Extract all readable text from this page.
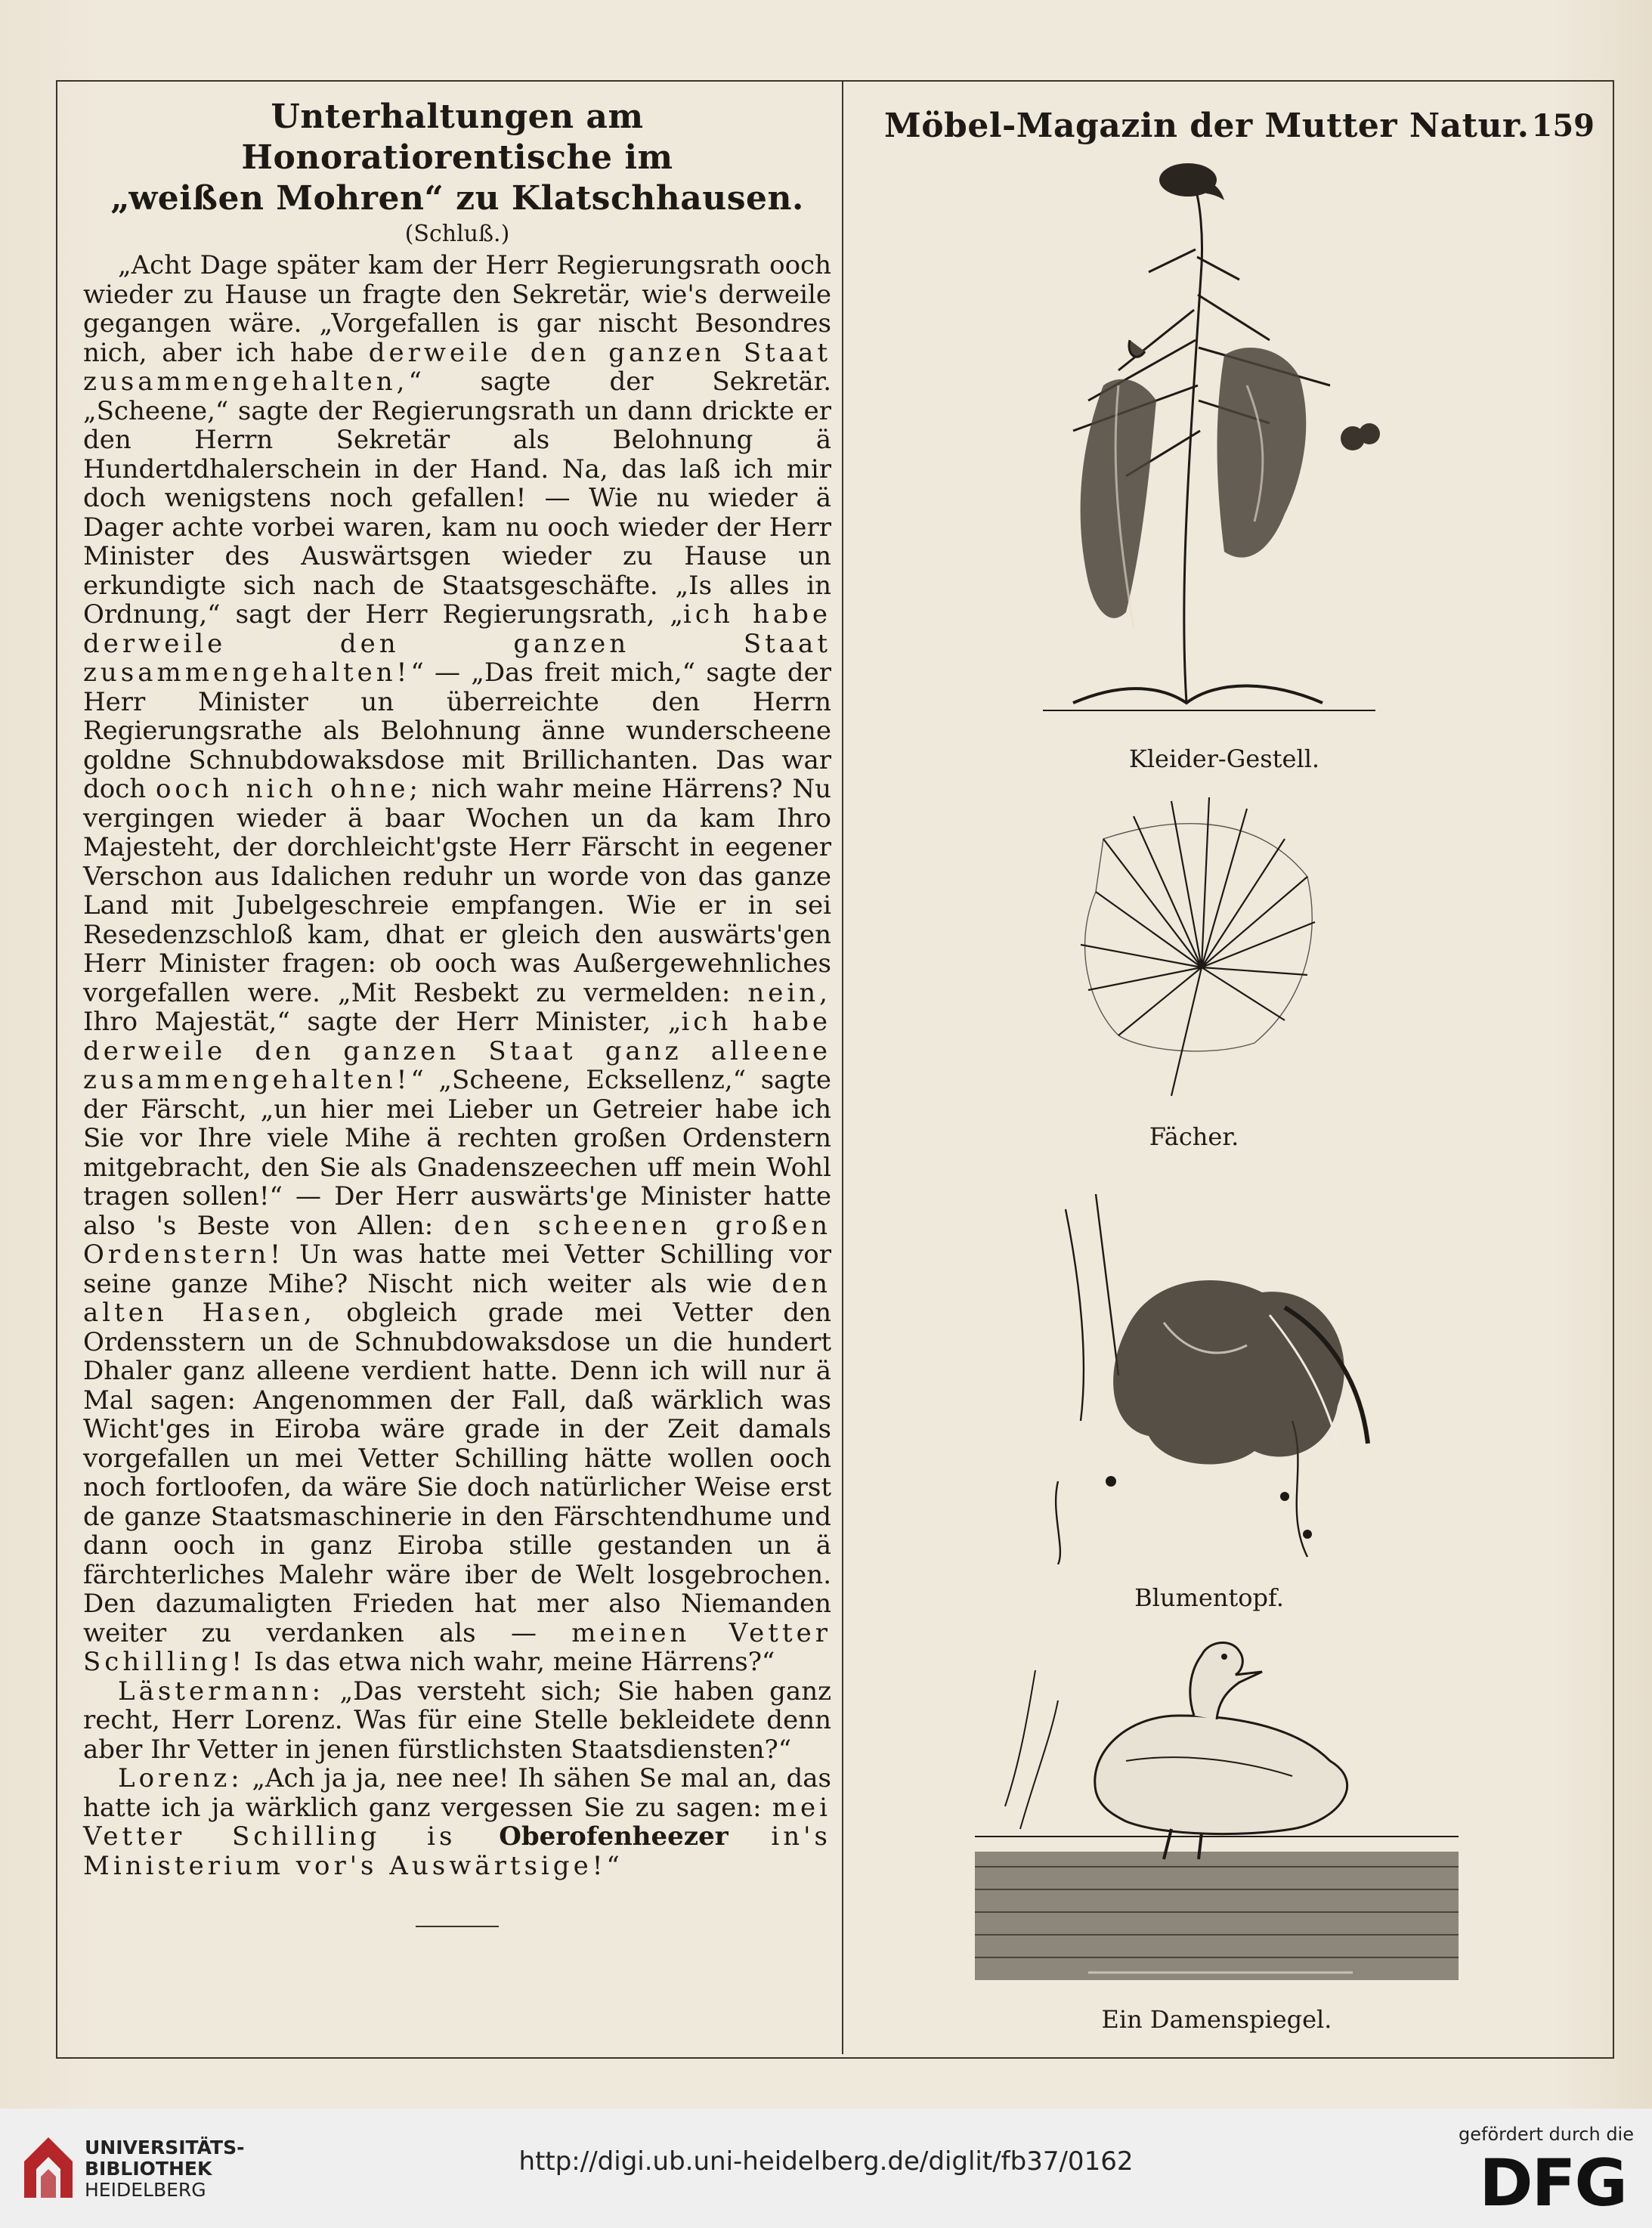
Unterhaltungen am Honoratiorentische im
„weißen Mohren“ zu Klatschhausen.
(Schluß.)

„Acht Dage später kam der Herr Regierungsrath ooch wieder zu Hause un fragte den Sekretär, wie's derweile gegangen wäre. „Vorgefallen is gar nischt Besondres nich, aber ich habe derweile den ganzen Staat zusammengehalten,“ sagte der Sekretär. „Scheene,“ sagte der Regierungsrath un dann drickte er den Herrn Sekretär als Belohnung ä Hundertdhalerschein in der Hand. Na, das laß ich mir doch wenigstens noch gefallen! — Wie nu wieder ä Dager achte vorbei waren, kam nu ooch wieder der Herr Minister des Auswärtsgen wieder zu Hause un erkundigte sich nach de Staatsgeschäfte. „Is alles in Ordnung,“ sagt der Herr Regierungsrath, „ich habe derweile den ganzen Staat zusammengehalten!“ — „Das freit mich,“ sagte der Herr Minister un überreichte den Herrn Regierungsrathe als Belohnung änne wunderscheene goldne Schnubdowaksdose mit Brillichanten. Das war doch ooch nich ohne; nich wahr meine Härrens? Nu vergingen wieder ä baar Wochen un da kam Ihro Majesteht, der dorchleicht'gste Herr Färscht in eegener Verschon aus Idalichen reduhr un worde von das ganze Land mit Jubelgeschreie empfangen. Wie er in sei Resedenzschloß kam, dhat er gleich den auswärts'gen Herr Minister fragen: ob ooch was Außergewehnliches vorgefallen were. „Mit Resbekt zu vermelden: nein, Ihro Majestät,“ sagte der Herr Minister, „ich habe derweile den ganzen Staat ganz alleene zusammengehalten!“ „Scheene, Ecksellenz,“ sagte der Färscht, „un hier mei Lieber un Getreier habe ich Sie vor Ihre viele Mihe ä rechten großen Ordenstern mitgebracht, den Sie als Gnadenszeechen uff mein Wohl tragen sollen!“ — Der Herr auswärts'ge Minister hatte also 's Beste von Allen: den scheenen großen Ordenstern! Un was hatte mei Vetter Schilling vor seine ganze Mihe? Nischt nich weiter als wie den alten Hasen, obgleich grade mei Vetter den Ordensstern un de Schnubdowaksdose un die hundert Dhaler ganz alleene verdient hatte. Denn ich will nur ä Mal sagen: Angenommen der Fall, daß wärklich was Wicht'ges in Eiroba wäre grade in der Zeit damals vorgefallen un mei Vetter Schilling hätte wollen ooch noch fortloofen, da wäre Sie doch natürlicher Weise erst de ganze Staatsmaschinerie in den Färschtendhume und dann ooch in ganz Eiroba stille gestanden un ä färchterliches Malehr wäre iber de Welt losgebrochen. Den dazumaligten Frieden hat mer also Niemanden weiter zu verdanken als — meinen Vetter Schilling! Is das etwa nich wahr, meine Härrens?“

Lästermann: „Das versteht sich; Sie haben ganz recht, Herr Lorenz. Was für eine Stelle bekleidete denn aber Ihr Vetter in jenen fürstlichsten Staatsdiensten?“

Lorenz: „Ach ja ja, nee nee! Ih sähen Se mal an, das hatte ich ja wärklich ganz vergessen Sie zu sagen: mei Vetter Schilling is Oberofenheezer in's Ministerium vor's Auswärtsige!“

Möbel-Magazin der Mutter Natur. 159
Kleider-Gestell.
Fächer.
Blumentopf.
Ein Damenspiegel.
UNIVERSITÄTS-
BIBLIOTHEK
HEIDELBERG
http://digi.ub.uni-heidelberg.de/diglit/fb37/0162
gefördert durch die
DFG
